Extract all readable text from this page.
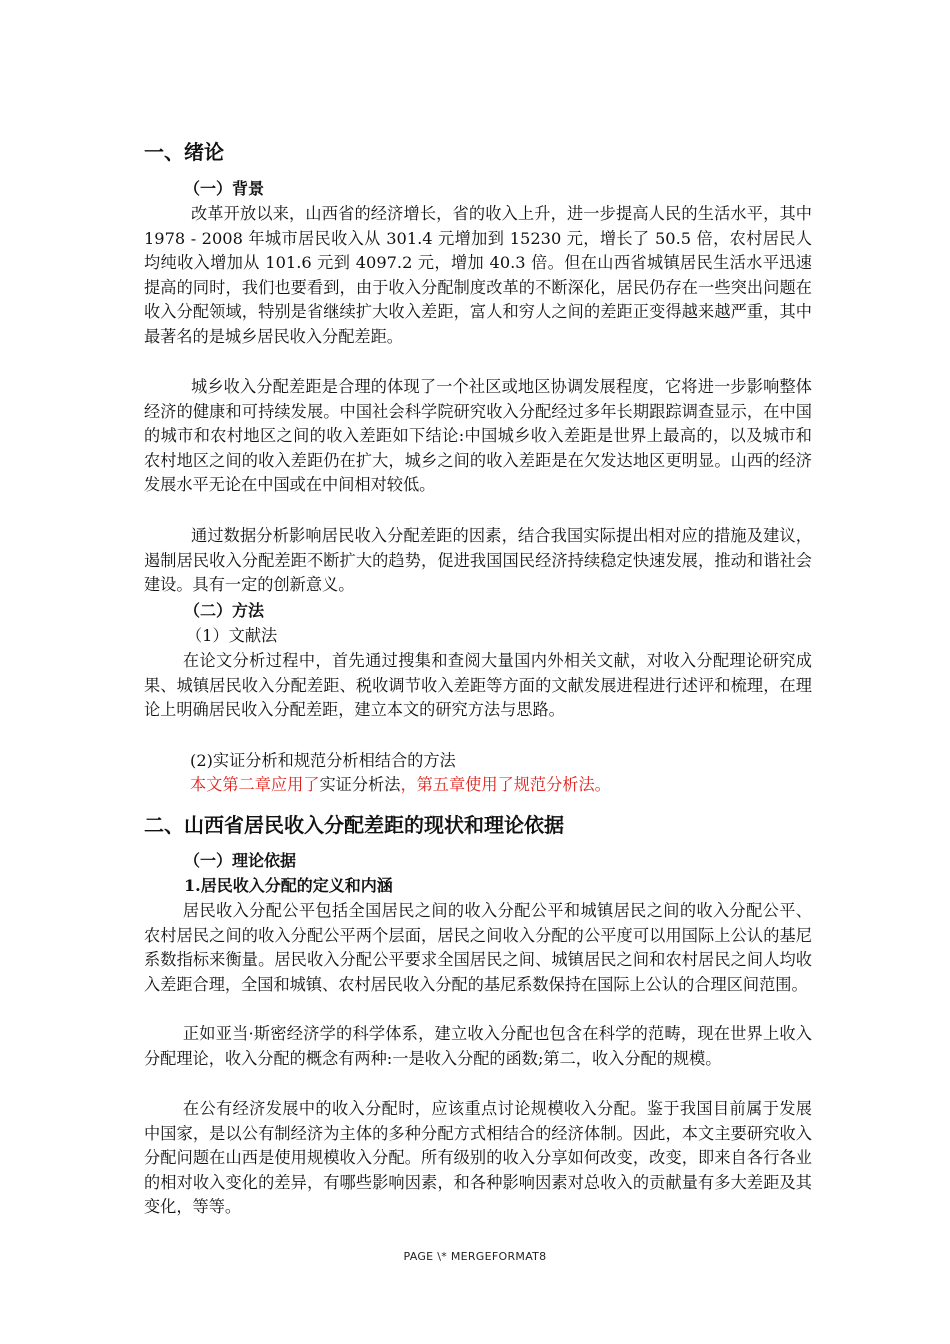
一、绪论
（一）背景

改革开放以来，山西省的经济增长，省的收入上升，进一步提高人民的生活水平，其中 1978 - 2008 年城市居民收入从 301.4 元增加到 15230 元，增长了 50.5 倍，农村居民人均纯收入增加从 101.6 元到 4097.2 元，增加 40.3 倍。但在山西省城镇居民生活水平迅速提高的同时，我们也要看到，由于收入分配制度改革的不断深化，居民仍存在一些突出问题在收入分配领域，特别是省继续扩大收入差距，富人和穷人之间的差距正变得越来越严重，其中最著名的是城乡居民收入分配差距。

城乡收入分配差距是合理的体现了一个社区或地区协调发展程度，它将进一步影响整体经济的健康和可持续发展。中国社会科学院研究收入分配经过多年长期跟踪调查显示，在中国的城市和农村地区之间的收入差距如下结论:中国城乡收入差距是世界上最高的，以及城市和农村地区之间的收入差距仍在扩大，城乡之间的收入差距是在欠发达地区更明显。山西的经济发展水平无论在中国或在中间相对较低。

通过数据分析影响居民收入分配差距的因素，结合我国实际提出相对应的措施及建议，遏制居民收入分配差距不断扩大的趋势，促进我国国民经济持续稳定快速发展，推动和谐社会建设。具有一定的创新意义。

（二）方法
（1）文献法

在论文分析过程中，首先通过搜集和查阅大量国内外相关文献，对收入分配理论研究成果、城镇居民收入分配差距、税收调节收入差距等方面的文献发展进程进行述评和梳理，在理论上明确居民收入分配差距，建立本文的研究方法与思路。

(2)实证分析和规范分析相结合的方法
本文第二章应用了实证分析法，第五章使用了规范分析法。
二、山西省居民收入分配差距的现状和理论依据
（一）理论依据
1.居民收入分配的定义和内涵

居民收入分配公平包括全国居民之间的收入分配公平和城镇居民之间的收入分配公平、农村居民之间的收入分配公平两个层面，居民之间收入分配的公平度可以用国际上公认的基尼系数指标来衡量。居民收入分配公平要求全国居民之间、城镇居民之间和农村居民之间人均收入差距合理，全国和城镇、农村居民收入分配的基尼系数保持在国际上公认的合理区间范围。

正如亚当·斯密经济学的科学体系，建立收入分配也包含在科学的范畴，现在世界上收入分配理论，收入分配的概念有两种:一是收入分配的函数;第二，收入分配的规模。

在公有经济发展中的收入分配时，应该重点讨论规模收入分配。鉴于我国目前属于发展中国家，是以公有制经济为主体的多种分配方式相结合的经济体制。因此，本文主要研究收入分配问题在山西是使用规模收入分配。所有级别的收入分享如何改变，改变，即来自各行各业的相对收入变化的差异，有哪些影响因素，和各种影响因素对总收入的贡献量有多大差距及其变化，等等。

PAGE \* MERGEFORMAT8
